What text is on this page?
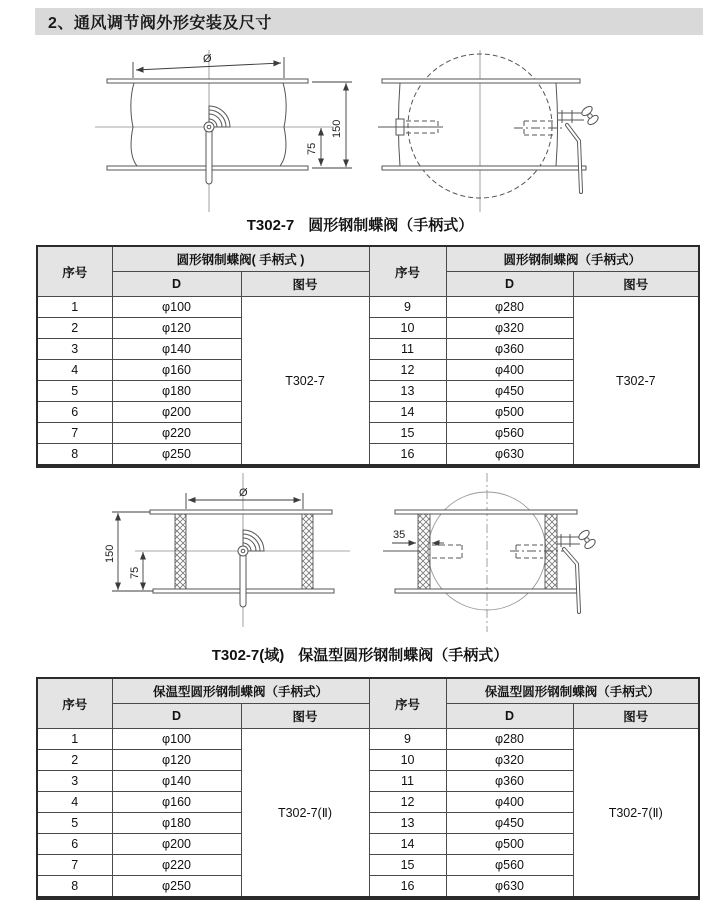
2、通风调节阀外形安装及尺寸
Ø
150
75
T302-7 圆形钢制蝶阀（手柄式）
序号	圆形钢制蝶阀( 手柄式 )		序号	圆形钢制蝶阀（手柄式）	
	D	图号		D	图号
1	φ100	T302-7	9	φ280	T302-7
2	φ120		10	φ320	
3	φ140		11	φ360	
4	φ160		12	φ400	
5	φ180		13	φ450	
6	φ200		14	φ500	
7	φ220		15	φ560	
8	φ250		16	φ630	
Ø
150
75
35
T302-7(域) 保温型圆形钢制蝶阀（手柄式）
序号	保温型圆形钢制蝶阀（手柄式）		序号	保温型圆形钢制蝶阀（手柄式）	
	D	图号		D	图号
1	φ100	T302-7(Ⅱ)	9	φ280	T302-7(Ⅱ)
2	φ120		10	φ320	
3	φ140		11	φ360	
4	φ160		12	φ400	
5	φ180		13	φ450	
6	φ200		14	φ500	
7	φ220		15	φ560	
8	φ250		16	φ630	
